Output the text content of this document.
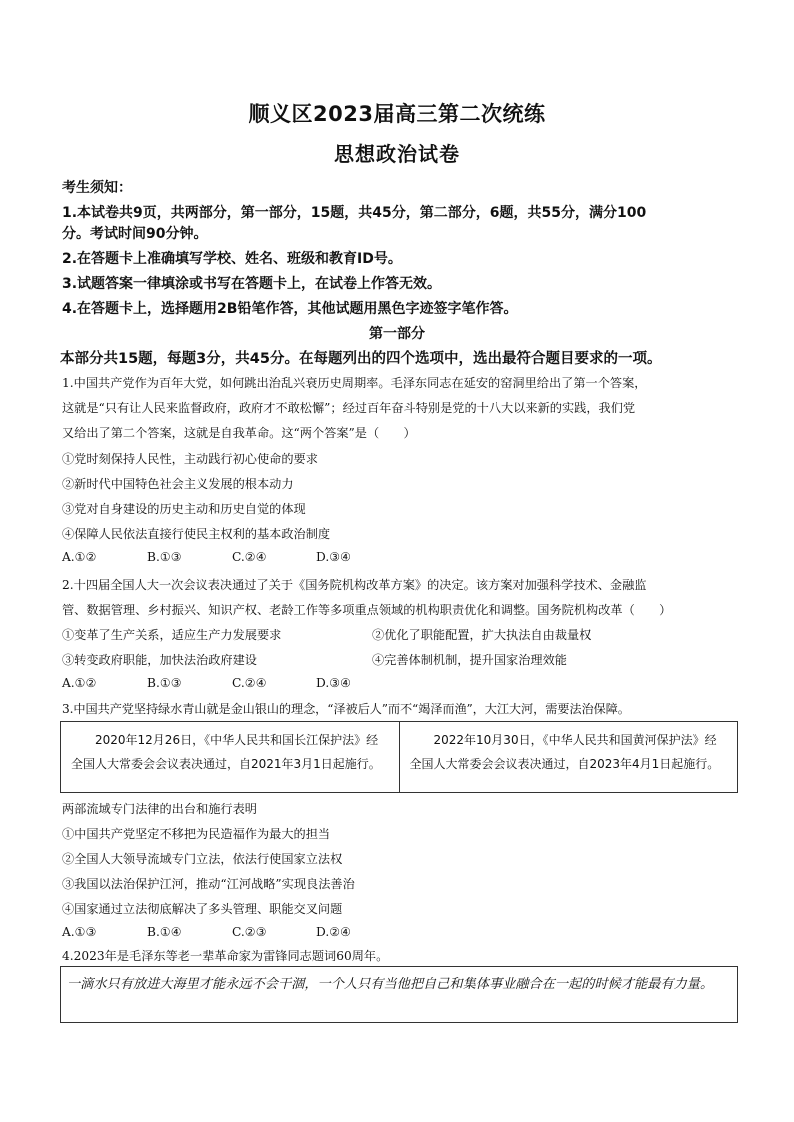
顺义区2023届高三第二次统练
思想政治试卷
考生须知：
1.本试卷共9页，共两部分，第一部分，15题，共45分，第二部分，6题，共55分，满分100
分。考试时间90分钟。
2.在答题卡上准确填写学校、姓名、班级和教育ID号。
3.试题答案一律填涂或书写在答题卡上，在试卷上作答无效。
4.在答题卡上，选择题用2B铅笔作答，其他试题用黑色字迹签字笔作答。
第一部分
本部分共15题，每题3分，共45分。在每题列出的四个选项中，选出最符合题目要求的一项。
1.中国共产党作为百年大党，如何跳出治乱兴衰历史周期率。毛泽东同志在延安的窑洞里给出了第一个答案，
这就是“只有让人民来监督政府，政府才不敢松懈”；经过百年奋斗特别是党的十八大以来新的实践，我们党
又给出了第二个答案，这就是自我革命。这“两个答案”是（　　）
①党时刻保持人民性，主动践行初心使命的要求
②新时代中国特色社会主义发展的根本动力
③党对自身建设的历史主动和历史自觉的体现
④保障人民依法直接行使民主权利的基本政治制度
A.①②	B.①③	C.②④	D.③④
2.十四届全国人大一次会议表决通过了关于《国务院机构改革方案》的决定。该方案对加强科学技术、金融监
管、数据管理、乡村振兴、知识产权、老龄工作等多项重点领域的机构职责优化和调整。国务院机构改革（　　）
①变革了生产关系，适应生产力发展要求	②优化了职能配置，扩大执法自由裁量权
③转变政府职能，加快法治政府建设	④完善体制机制，提升国家治理效能
A.①②	B.①③	C.②④	D.③④
3.中国共产党坚持绿水青山就是金山银山的理念，“泽被后人”而不“竭泽而渔”，大江大河，需要法治保障。
　　2020年12月26日，《中华人民共和国长江保护法》经全国人大常委会会议表决通过，自2021年3月1日起施行。
　　2022年10月30日，《中华人民共和国黄河保护法》经全国人大常委会会议表决通过，自2023年4月1日起施行。
两部流域专门法律的出台和施行表明
①中国共产党坚定不移把为民造福作为最大的担当
②全国人大领导流域专门立法，依法行使国家立法权
③我国以法治保护江河，推动“江河战略”实现良法善治
④国家通过立法彻底解决了多头管理、职能交叉问题
A.①③	B.①④	C.②③	D.②④
4.2023年是毛泽东等老一辈革命家为雷锋同志题词60周年。
一滴水只有放进大海里才能永远不会干涸，一个人只有当他把自己和集体事业融合在一起的时候才能最有力量。
